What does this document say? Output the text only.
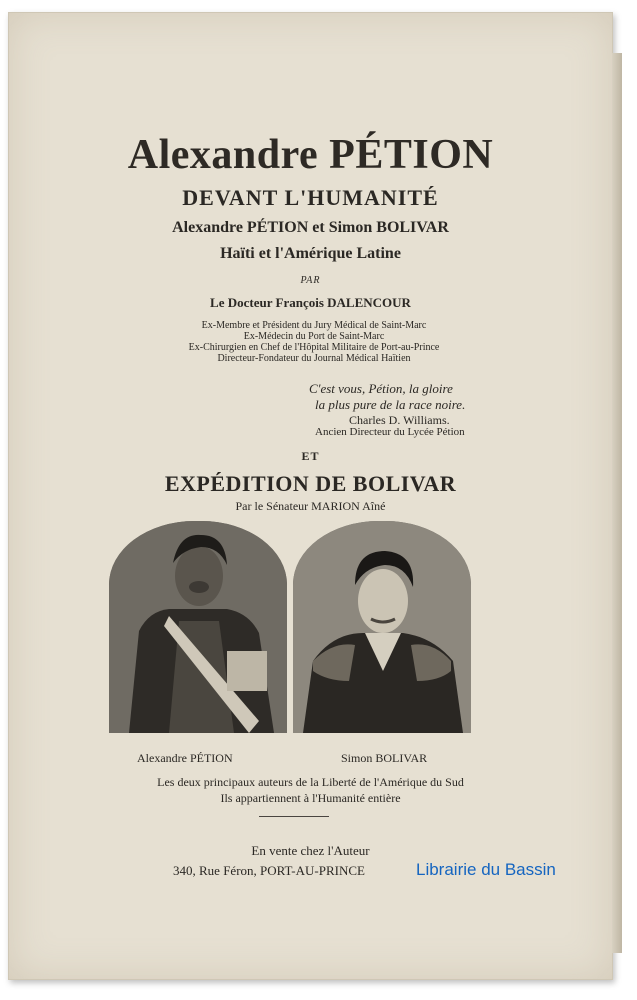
Alexandre PÉTION
DEVANT L'HUMANITÉ
Alexandre PÉTION et Simon BOLIVAR
Haïti et l'Amérique Latine
PAR
Le Docteur François DALENCOUR
Ex-Membre et Président du Jury Médical de Saint-Marc
Ex-Médecin du Port de Saint-Marc
Ex-Chirurgien en Chef de l'Hôpital Militaire de Port-au-Prince
Directeur-Fondateur du Journal Médical Haïtien
C'est vous, Pétion, la gloire
la plus pure de la race noire.
Charles D. Williams.
Ancien Directeur du Lycée Pétion
ET
EXPÉDITION DE BOLIVAR
Par le Sénateur MARION Aîné
Alexandre PÉTION	Simon BOLIVAR
Les deux principaux auteurs de la Liberté de l'Amérique du Sud
Ils appartiennent à l'Humanité entière
En vente chez l'Auteur
340, Rue Féron, PORT-AU-PRINCE	Librairie du Bassin
